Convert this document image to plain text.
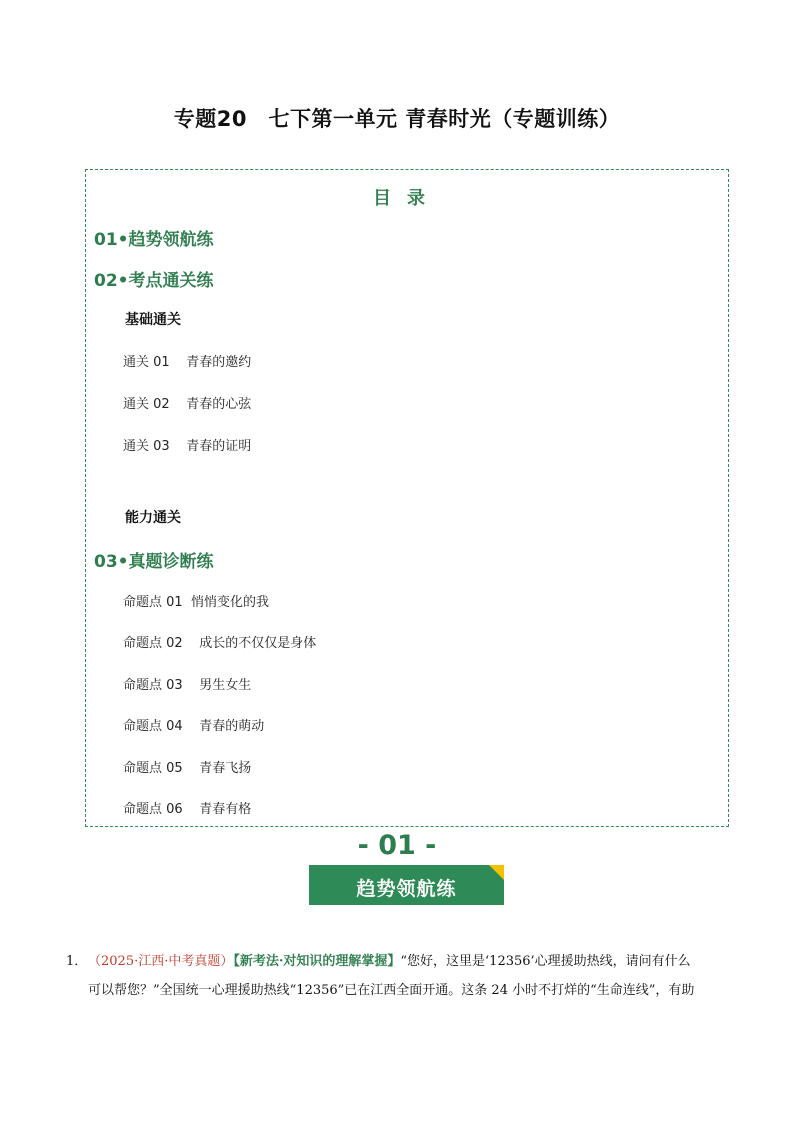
专题20　七下第一单元 青春时光（专题训练）
目录
01•趋势领航练
02•考点通关练
基础通关
通关 01 青春的邀约
通关 02 青春的心弦
通关 03 青春的证明
能力通关
03•真题诊断练
命题点 01 悄悄变化的我
命题点 02 成长的不仅仅是身体
命题点 03 男生女生
命题点 04 青春的萌动
命题点 05 青春飞扬
命题点 06 青春有格
- 01 -
趋势领航练
1．（2025·江西·中考真题）【新考法·对知识的理解掌握】“您好，这里是‘12356’心理援助热线，请问有什么
可以帮您？”全国统一心理援助热线“12356”已在江西全面开通。这条 24 小时不打烊的“生命连线”，有助
